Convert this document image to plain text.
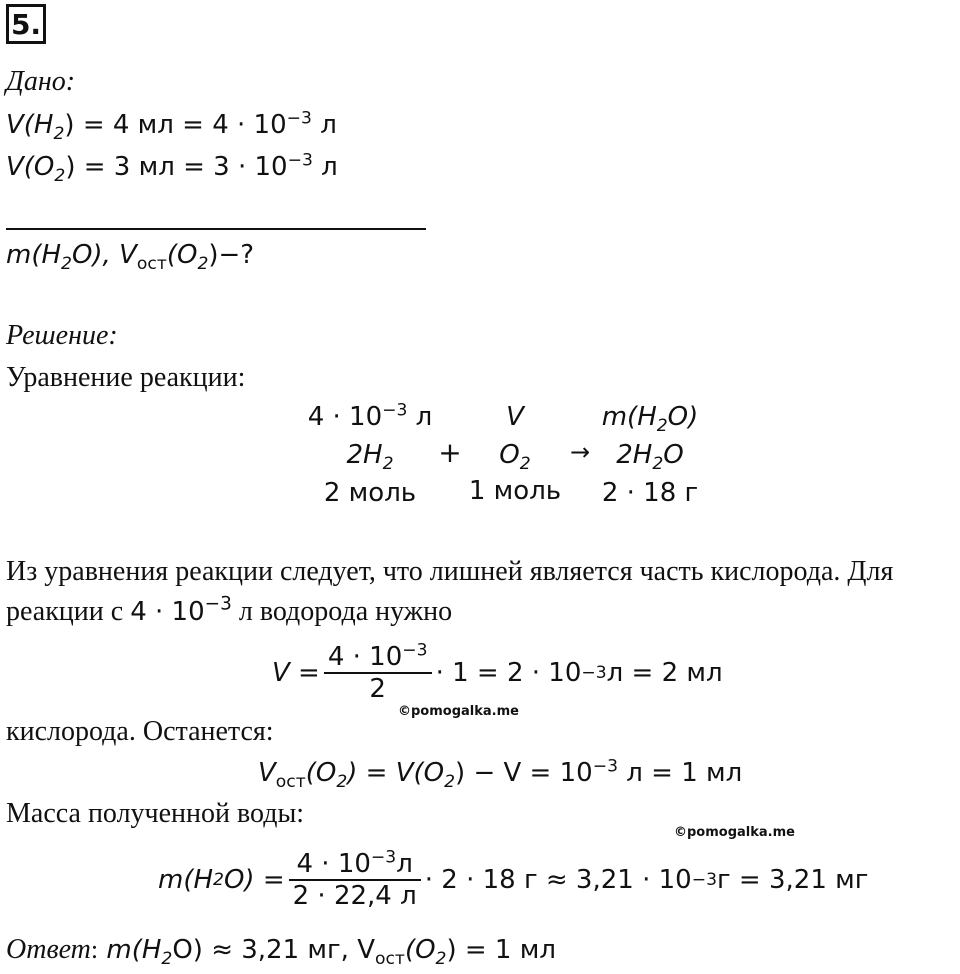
5.
Дано:
$V(H_2) = 4$ мл = $4 \cdot 10^{-3}$ л
$V(O_2) = 3$ мл = $3 \cdot 10^{-3}$ л
$m(H_2O)$, $V_{ост}(O_2)-$?
Решение:
Уравнение реакции:
$4 \cdot 10^{-3}$ л	V	$m(H_2O)$
$2H_2$	+	$O_2$	→	$2H_2O$
2 моль	1 моль	2 · 18 г
Из уравнения реакции следует, что лишней является часть кислорода. Для
реакции с $4 \cdot 10^{-3}$ л водорода нужно
$V = \frac{4 \cdot 10^{-3}}{2} \cdot 1 = 2 \cdot 10 -3$ л = 2 мл
©pomogalka.me
кислорода. Останется:
$V_{ост}(O_2) = V(O_2) - V = 10^{-3}$ л = 1 мл
Масса полученной воды:
©pomogalka.me
m(H 2 $O) = \frac{4 \cdot 10^{-3}л}{2 \cdot 22,4 л} \cdot 2 \cdot 18$ г ≈ 3,21 · 10 −3 г = 3,21 мг
Ответ: $m(H_2O) \approx 3,21$ мг, $V_{ост}(O_2) = 1$ мл
